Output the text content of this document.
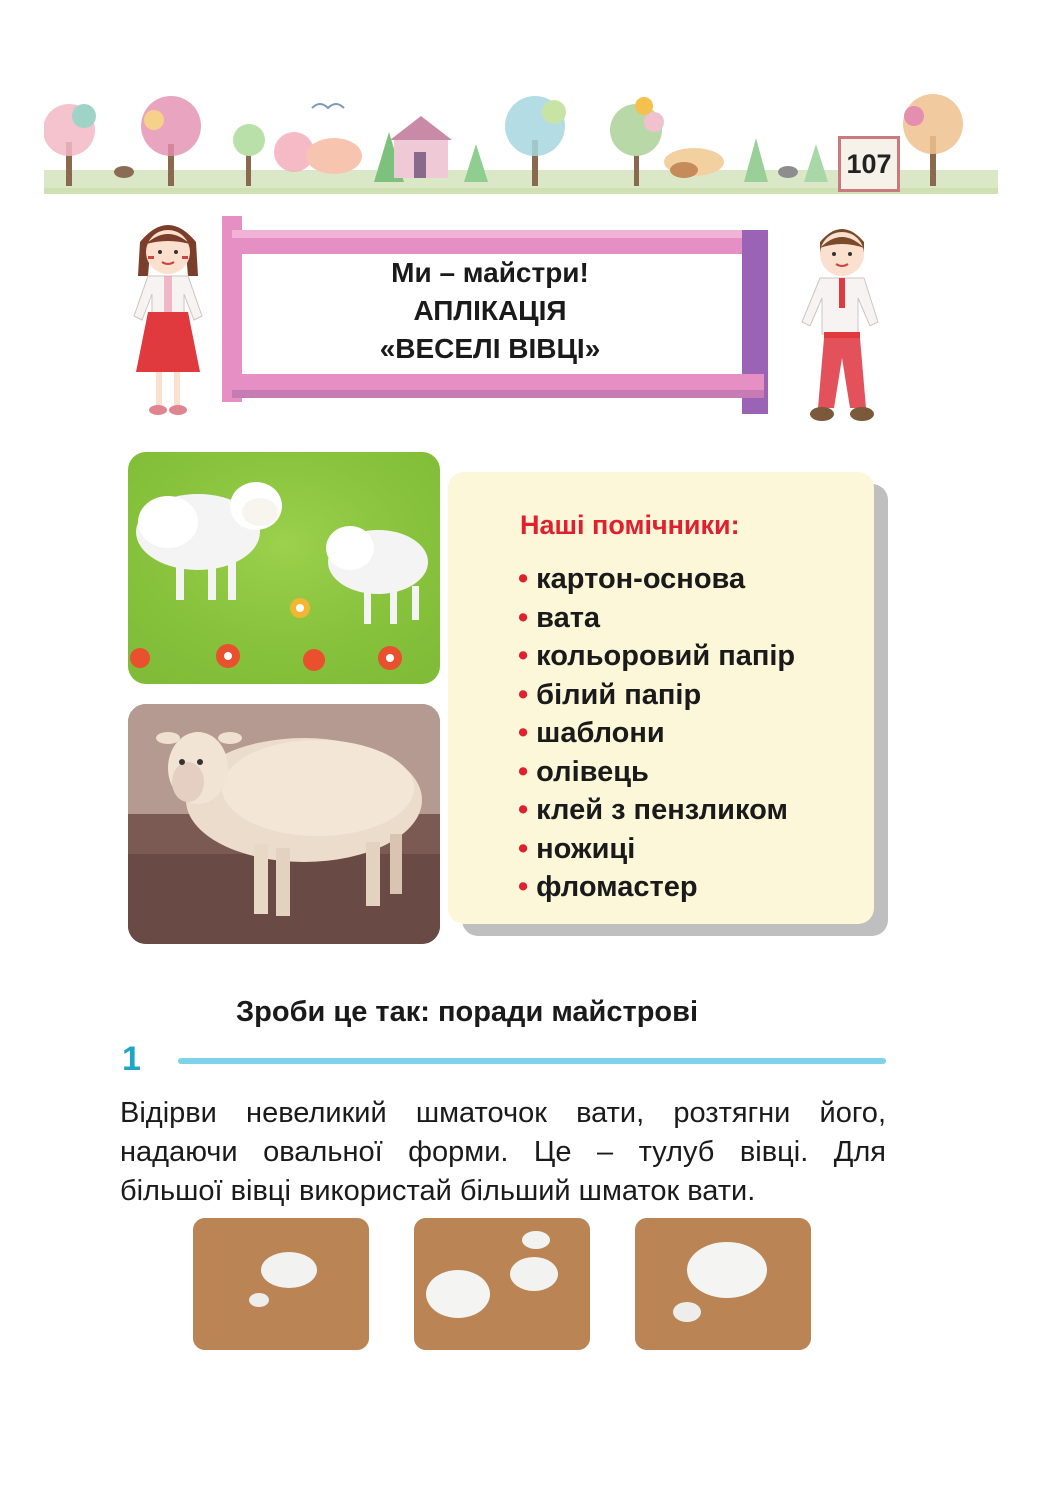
107
Ми – майстри!
АПЛІКАЦІЯ
«ВЕСЕЛІ ВІВЦІ»
Наші помічники:
• картон-основа
• вата
• кольоровий папір
• білий папір
• шаблони
• олівець
• клей з пензликом
• ножиці
• фломастер
Зроби це так: поради майстрові
1
Відірви невеликий шматочок вати, розтягни його,
надаючи овальної форми. Це – тулуб вівці. Для
більшої вівці використай більший шматок вати.
